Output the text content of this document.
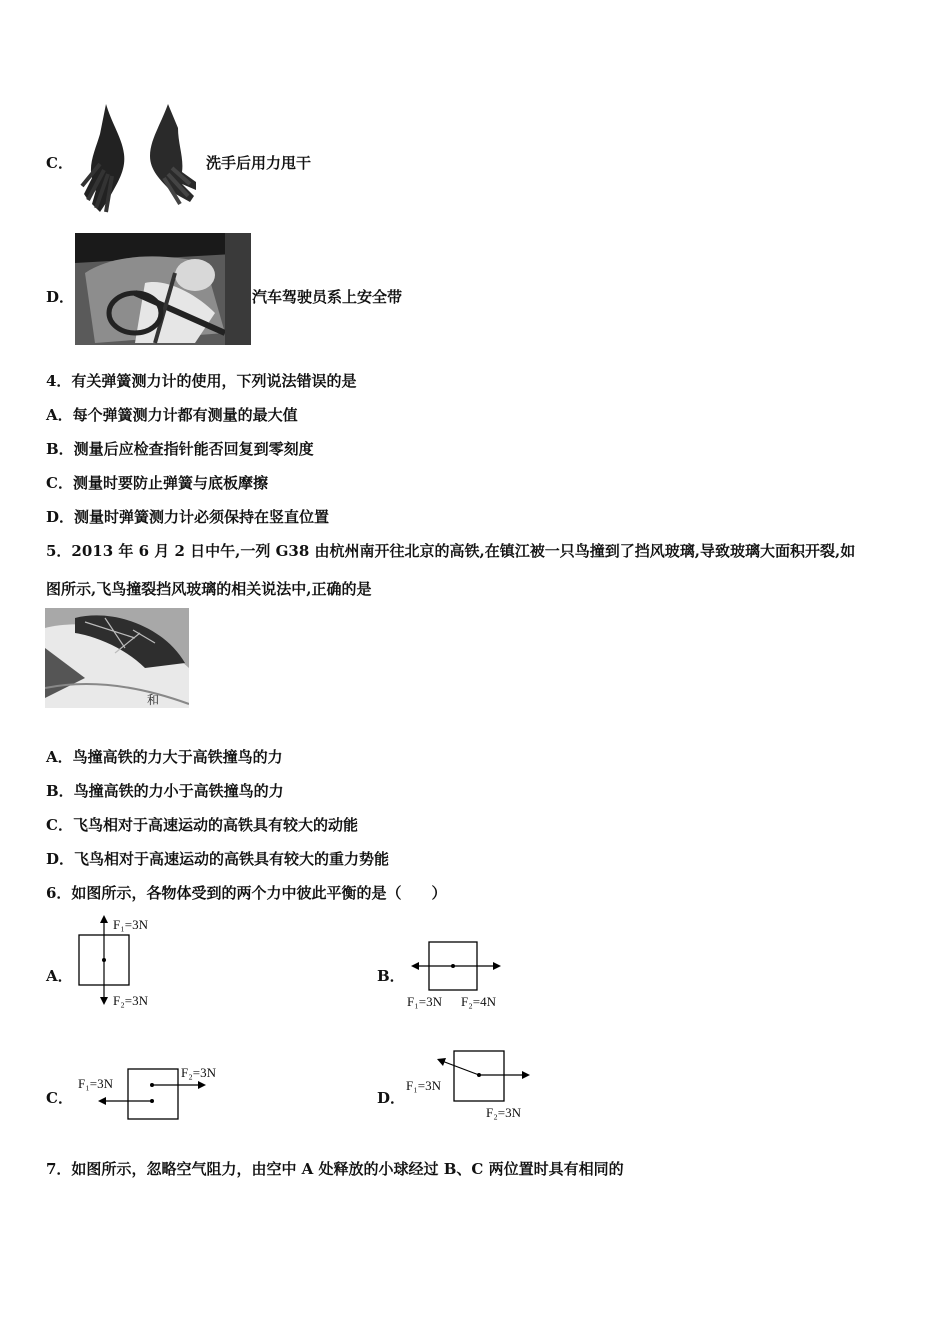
C．	洗手后用力甩干
D．	汽车驾驶员系上安全带
4．有关弹簧测力计的使用，下列说法错误的是
A．每个弹簧测力计都有测量的最大值
B．测量后应检查指针能否回复到零刻度
C．测量时要防止弹簧与底板摩擦
D．测量时弹簧测力计必须保持在竖直位置
5．2013 年 6 月 2 日中午,一列 G38 由杭州南开往北京的高铁,在镇江被一只鸟撞到了挡风玻璃,导致玻璃大面积开裂,如
图所示,飞鸟撞裂挡风玻璃的相关说法中,正确的是
和
A．鸟撞高铁的力大于高铁撞鸟的力
B．鸟撞高铁的力小于高铁撞鸟的力
C．飞鸟相对于高速运动的高铁具有较大的动能
D．飞鸟相对于高速运动的高铁具有较大的重力势能
6．如图所示，各物体受到的两个力中彼此平衡的是（　　）
A．
F₁=3N
F₂=3N
B．
F₁=3N F₂=4N
C．
F₁=3N
F₂=3N
D．
F₁=3N
F₂=3N
7．如图所示，忽略空气阻力，由空中 A 处释放的小球经过 B、C 两位置时具有相同的
